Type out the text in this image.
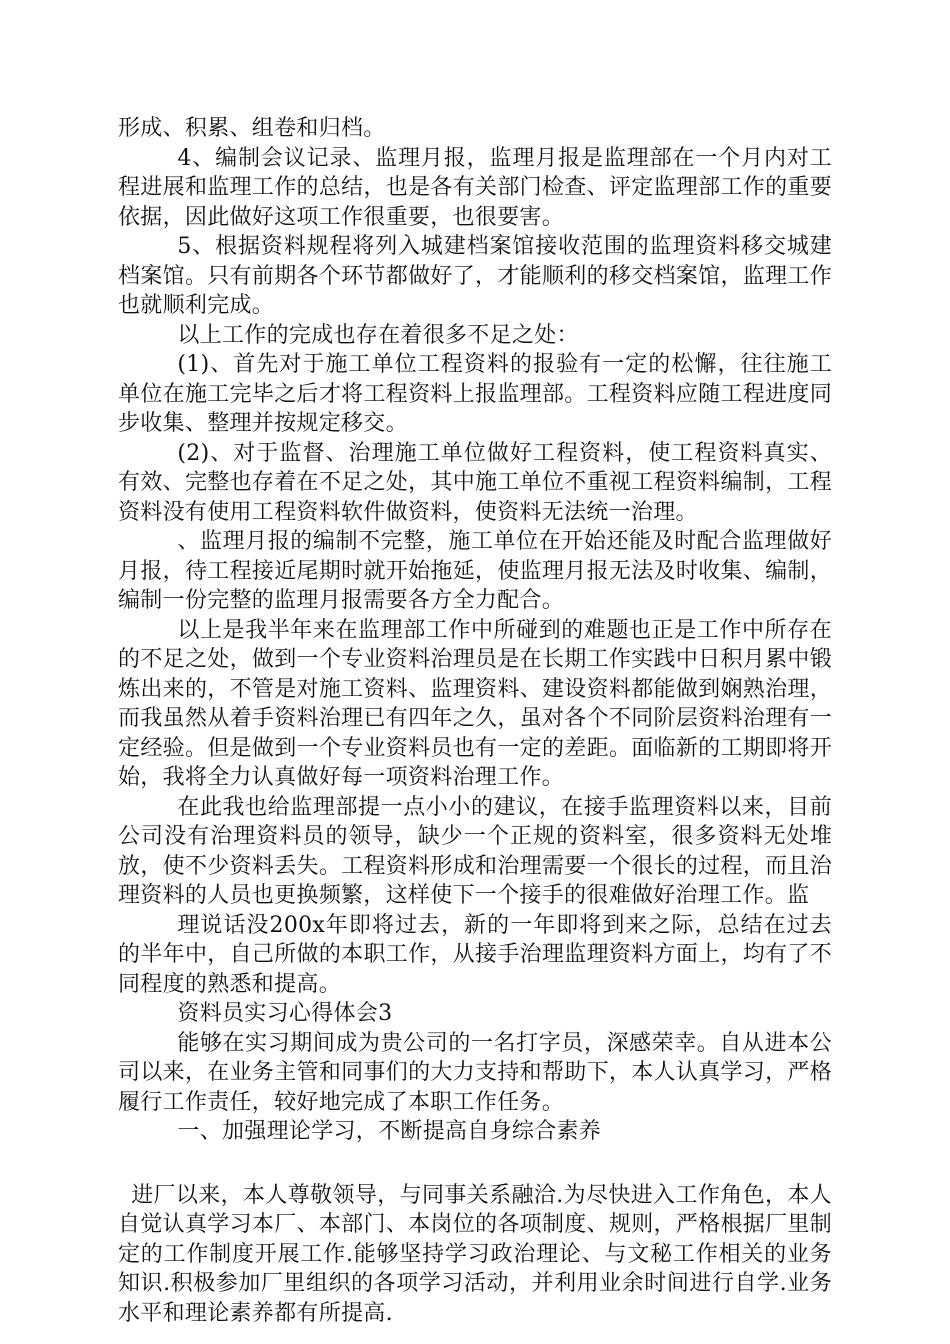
形成、积累、组卷和归档。

4、编制会议记录、监理月报，监理月报是监理部在一个月内对工程进展和监理工作的总结，也是各有关部门检查、评定监理部工作的重要依据，因此做好这项工作很重要，也很要害。

5、根据资料规程将列入城建档案馆接收范围的监理资料移交城建档案馆。只有前期各个环节都做好了，才能顺利的移交档案馆，监理工作也就顺利完成。

以上工作的完成也存在着很多不足之处：

(1)、首先对于施工单位工程资料的报验有一定的松懈，往往施工单位在施工完毕之后才将工程资料上报监理部。工程资料应随工程进度同步收集、整理并按规定移交。

(2)、对于监督、治理施工单位做好工程资料，使工程资料真实、有效、完整也存着在不足之处，其中施工单位不重视工程资料编制，工程资料没有使用工程资料软件做资料，使资料无法统一治理。

、监理月报的编制不完整，施工单位在开始还能及时配合监理做好月报，待工程接近尾期时就开始拖延，使监理月报无法及时收集、编制，编制一份完整的监理月报需要各方全力配合。

以上是我半年来在监理部工作中所碰到的难题也正是工作中所存在的不足之处，做到一个专业资料治理员是在长期工作实践中日积月累中锻炼出来的，不管是对施工资料、监理资料、建设资料都能做到娴熟治理，而我虽然从着手资料治理已有四年之久，虽对各个不同阶层资料治理有一定经验。但是做到一个专业资料员也有一定的差距。面临新的工期即将开始，我将全力认真做好每一项资料治理工作。

在此我也给监理部提一点小小的建议，在接手监理资料以来，目前公司没有治理资料员的领导，缺少一个正规的资料室，很多资料无处堆放，使不少资料丢失。工程资料形成和治理需要一个很长的过程，而且治理资料的人员也更换频繁，这样使下一个接手的很难做好治理工作。监

理说话没200x年即将过去，新的一年即将到来之际，总结在过去的半年中，自己所做的本职工作，从接手治理监理资料方面上，均有了不同程度的熟悉和提高。

资料员实习心得体会3

能够在实习期间成为贵公司的一名打字员，深感荣幸。自从进本公司以来，在业务主管和同事们的大力支持和帮助下，本人认真学习，严格履行工作责任，较好地完成了本职工作任务。

一、加强理论学习，不断提高自身综合素养

进厂以来，本人尊敬领导，与同事关系融洽.为尽快进入工作角色，本人自觉认真学习本厂、本部门、本岗位的各项制度、规则，严格根据厂里制定的工作制度开展工作.能够坚持学习政治理论、与文秘工作相关的业务知识.积极参加厂里组织的各项学习活动，并利用业余时间进行自学.业务水平和理论素养都有所提高.
